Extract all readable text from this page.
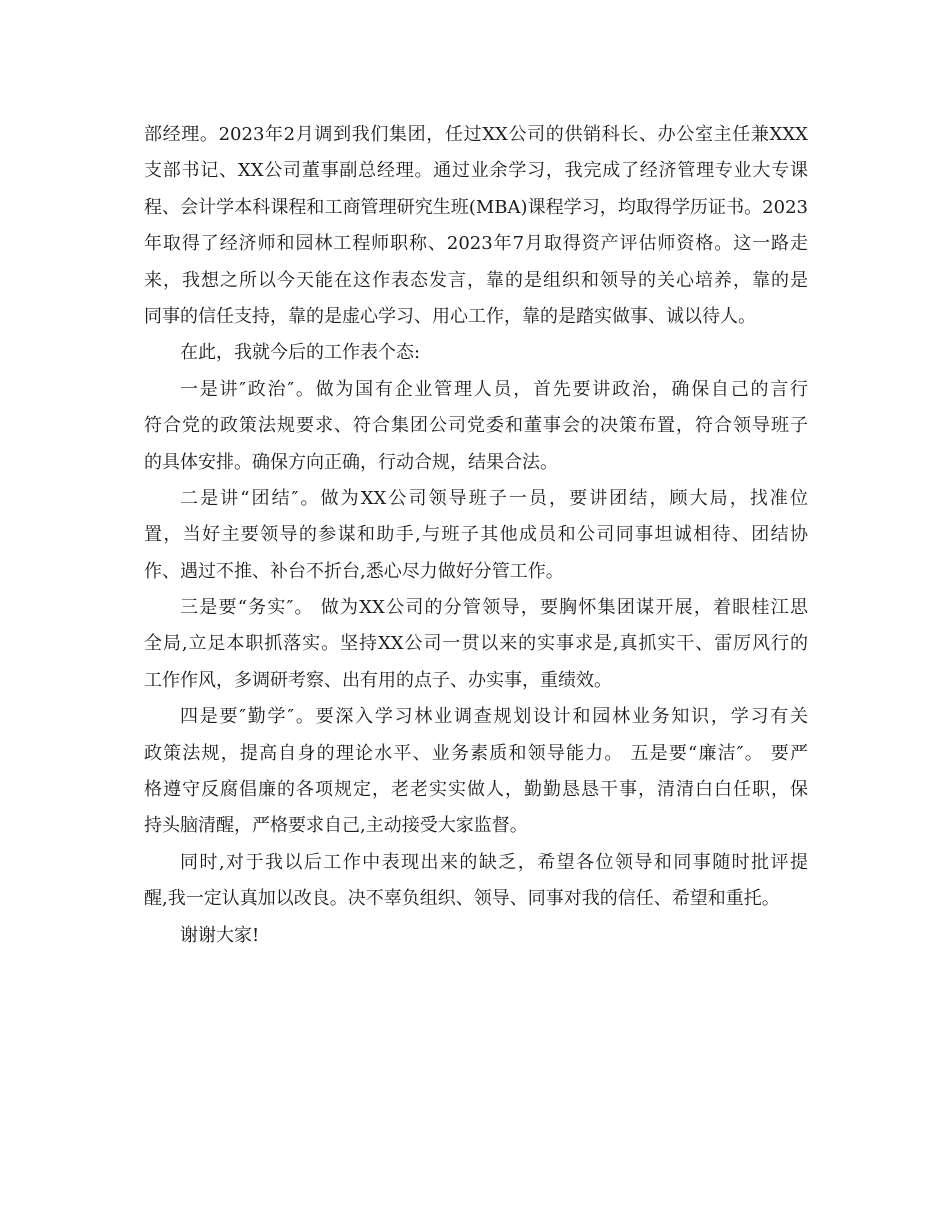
部经理。2023年2月调到我们集团，任过XX公司的供销科长、办公室主任兼XXX
支部书记、XX公司董事副总经理。通过业余学习，我完成了经济管理专业大专课
程、会计学本科课程和工商管理研究生班(MBA)课程学习，均取得学历证书。2023
年取得了经济师和园林工程师职称、2023年7月取得资产评估师资格。这一路走
来，我想之所以今天能在这作表态发言，靠的是组织和领导的关心培养，靠的是
同事的信任支持，靠的是虚心学习、用心工作，靠的是踏实做事、诚以待人。
在此，我就今后的工作表个态:
一是讲″政治″。做为国有企业管理人员，首先要讲政治，确保自己的言行
符合党的政策法规要求、符合集团公司党委和董事会的决策布置，符合领导班子
的具体安排。确保方向正确，行动合规，结果合法。
二是讲“团结″。做为XX公司领导班子一员，要讲团结，顾大局，找准位
置，当好主要领导的参谋和助手,与班子其他成员和公司同事坦诚相待、团结协
作、遇过不推、补台不折台,悉心尽力做好分管工作。
三是要“务实″。 做为XX公司的分管领导，要胸怀集团谋开展，着眼桂江思
全局,立足本职抓落实。坚持XX公司一贯以来的实事求是,真抓实干、雷厉风行的
工作作风，多调研考察、出有用的点子、办实事，重绩效。
四是要″勤学″。要深入学习林业调查规划设计和园林业务知识，学习有关
政策法规，提高自身的理论水平、业务素质和领导能力。 五是要“廉洁″。 要严
格遵守反腐倡廉的各项规定，老老实实做人，勤勤恳恳干事，清清白白任职，保
持头脑清醒，严格要求自己,主动接受大家监督。
同时,对于我以后工作中表现出来的缺乏，希望各位领导和同事随时批评提
醒,我一定认真加以改良。决不辜负组织、领导、同事对我的信任、希望和重托。
谢谢大家!
